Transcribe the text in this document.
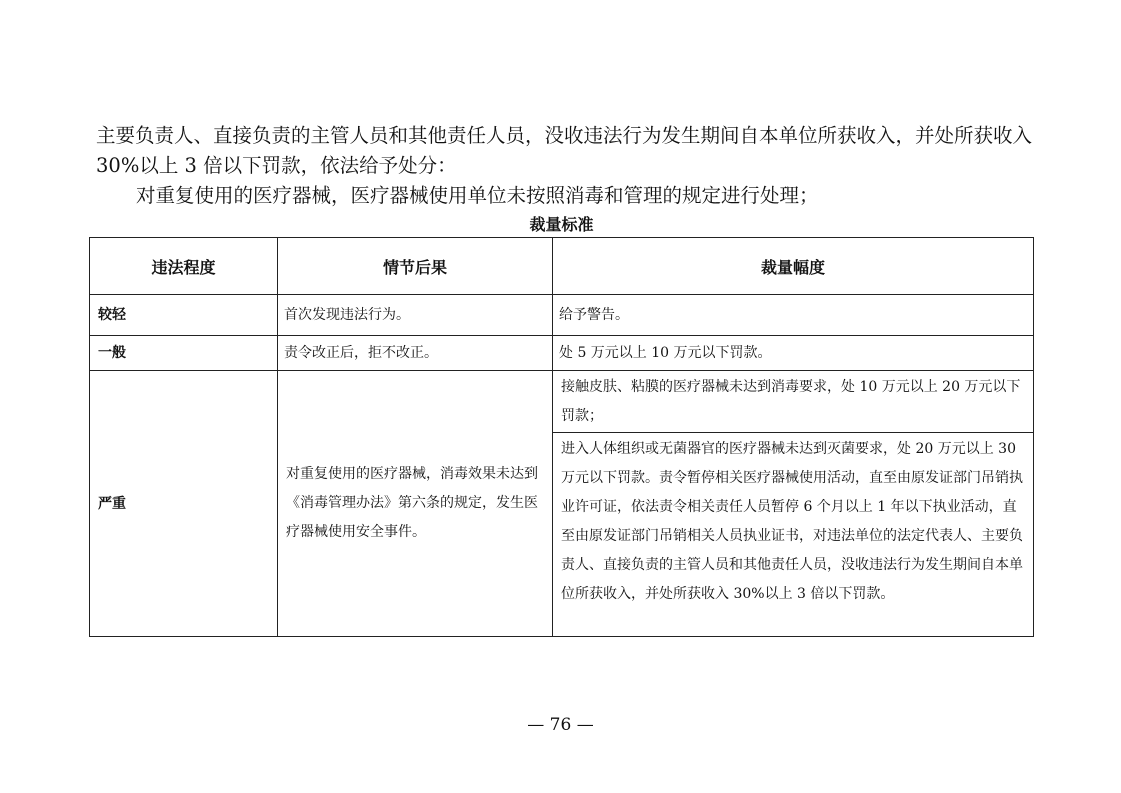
主要负责人、直接负责的主管人员和其他责任人员，没收违法行为发生期间自本单位所获收入，并处所获收入 30%以上 3 倍以下罚款，依法给予处分：

对重复使用的医疗器械，医疗器械使用单位未按照消毒和管理的规定进行处理；

裁量标准
违法程度	情节后果	裁量幅度
较轻	首次发现违法行为。	给予警告。
一般	责令改正后，拒不改正。	处 5 万元以上 10 万元以下罚款。
严重	对重复使用的医疗器械，消毒效果未达到《消毒管理办法》第六条的规定，发生医疗器械使用安全事件。	接触皮肤、粘膜的医疗器械未达到消毒要求，处 10 万元以上 20 万元以下罚款；
进入人体组织或无菌器官的医疗器械未达到灭菌要求，处 20 万元以上 30 万元以下罚款。责令暂停相关医疗器械使用活动，直至由原发证部门吊销执业许可证，依法责令相关责任人员暂停 6 个月以上 1 年以下执业活动，直至由原发证部门吊销相关人员执业证书，对违法单位的法定代表人、主要负责人、直接负责的主管人员和其他责任人员，没收违法行为发生期间自本单位所获收入，并处所获收入 30%以上 3 倍以下罚款。
— 76 —
